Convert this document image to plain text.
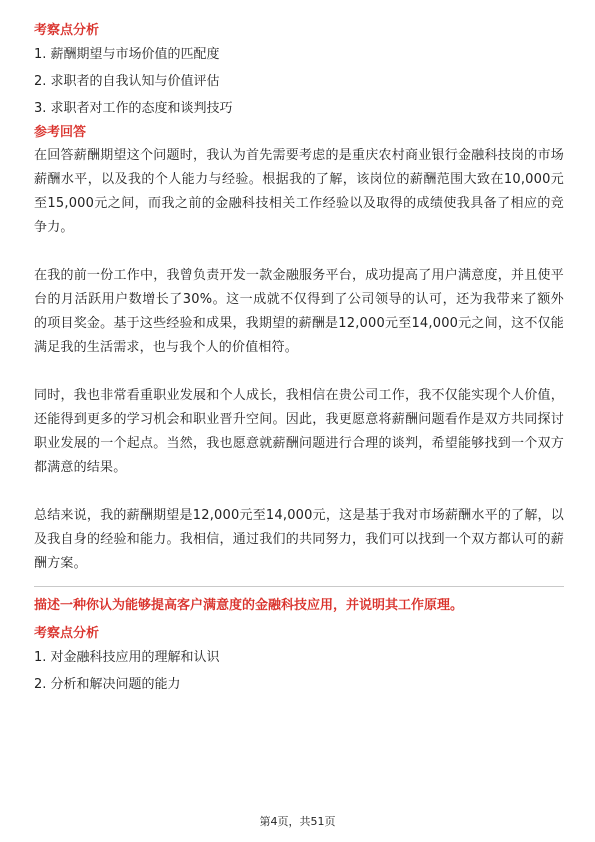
考察点分析
1. 薪酬期望与市场价值的匹配度
2. 求职者的自我认知与价值评估
3. 求职者对工作的态度和谈判技巧
参考回答

在回答薪酬期望这个问题时，我认为首先需要考虑的是重庆农村商业银行金融科技岗的市场薪酬水平，以及我的个人能力与经验。根据我的了解，该岗位的薪酬范围大致在10,000元至15,000元之间，而我之前的金融科技相关工作经验以及取得的成绩使我具备了相应的竞争力。

在我的前一份工作中，我曾负责开发一款金融服务平台，成功提高了用户满意度，并且使平台的月活跃用户数增长了30%。这一成就不仅得到了公司领导的认可，还为我带来了额外的项目奖金。基于这些经验和成果，我期望的薪酬是12,000元至14,000元之间，这不仅能满足我的生活需求，也与我个人的价值相符。

同时，我也非常看重职业发展和个人成长，我相信在贵公司工作，我不仅能实现个人价值，还能得到更多的学习机会和职业晋升空间。因此，我更愿意将薪酬问题看作是双方共同探讨职业发展的一个起点。当然，我也愿意就薪酬问题进行合理的谈判，希望能够找到一个双方都满意的结果。

总结来说，我的薪酬期望是12,000元至14,000元，这是基于我对市场薪酬水平的了解，以及我自身的经验和能力。我相信，通过我们的共同努力，我们可以找到一个双方都认可的薪酬方案。

描述一种你认为能够提高客户满意度的金融科技应用，并说明其工作原理。
考察点分析
1. 对金融科技应用的理解和认识
2. 分析和解决问题的能力
第4页，共51页
